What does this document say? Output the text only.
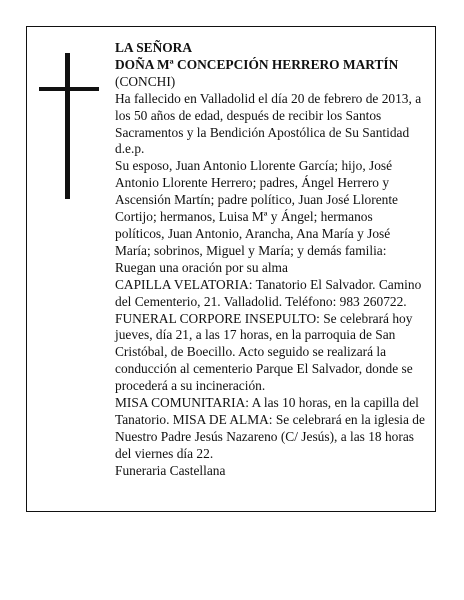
LA SEÑORA

DOÑA Mª CONCEPCIÓN HERRERO MARTÍN

(CONCHI)

Ha fallecido en Valladolid el día 20 de febrero de 2013, a los 50 años de edad, después de recibir los Santos Sacramentos y la Bendición Apostólica de Su Santidad

d.e.p.

Su esposo, Juan Antonio Llorente García; hijo, José Antonio Llorente Herrero; padres, Ángel Herrero y Ascensión Martín; padre político, Juan José Llorente Cortijo; hermanos, Luisa Mª y Ángel; hermanos políticos, Juan Antonio, Arancha, Ana María y José María; sobrinos, Miguel y María; y demás familia:

Ruegan una oración por su alma

CAPILLA VELATORIA: Tanatorio El Salvador. Camino del Cementerio, 21. Valladolid. Teléfono: 983 260722.

FUNERAL CORPORE INSEPULTO: Se celebrará hoy jueves, día 21, a las 17 horas, en la parroquia de San Cristóbal, de Boecillo. Acto seguido se realizará la conducción al cementerio Parque El Salvador, donde se procederá a su incineración.

MISA COMUNITARIA: A las 10 horas, en la capilla del Tanatorio. MISA DE ALMA: Se celebrará en la iglesia de Nuestro Padre Jesús Nazareno (C/ Jesús), a las 18 horas del viernes día 22.

Funeraria Castellana
